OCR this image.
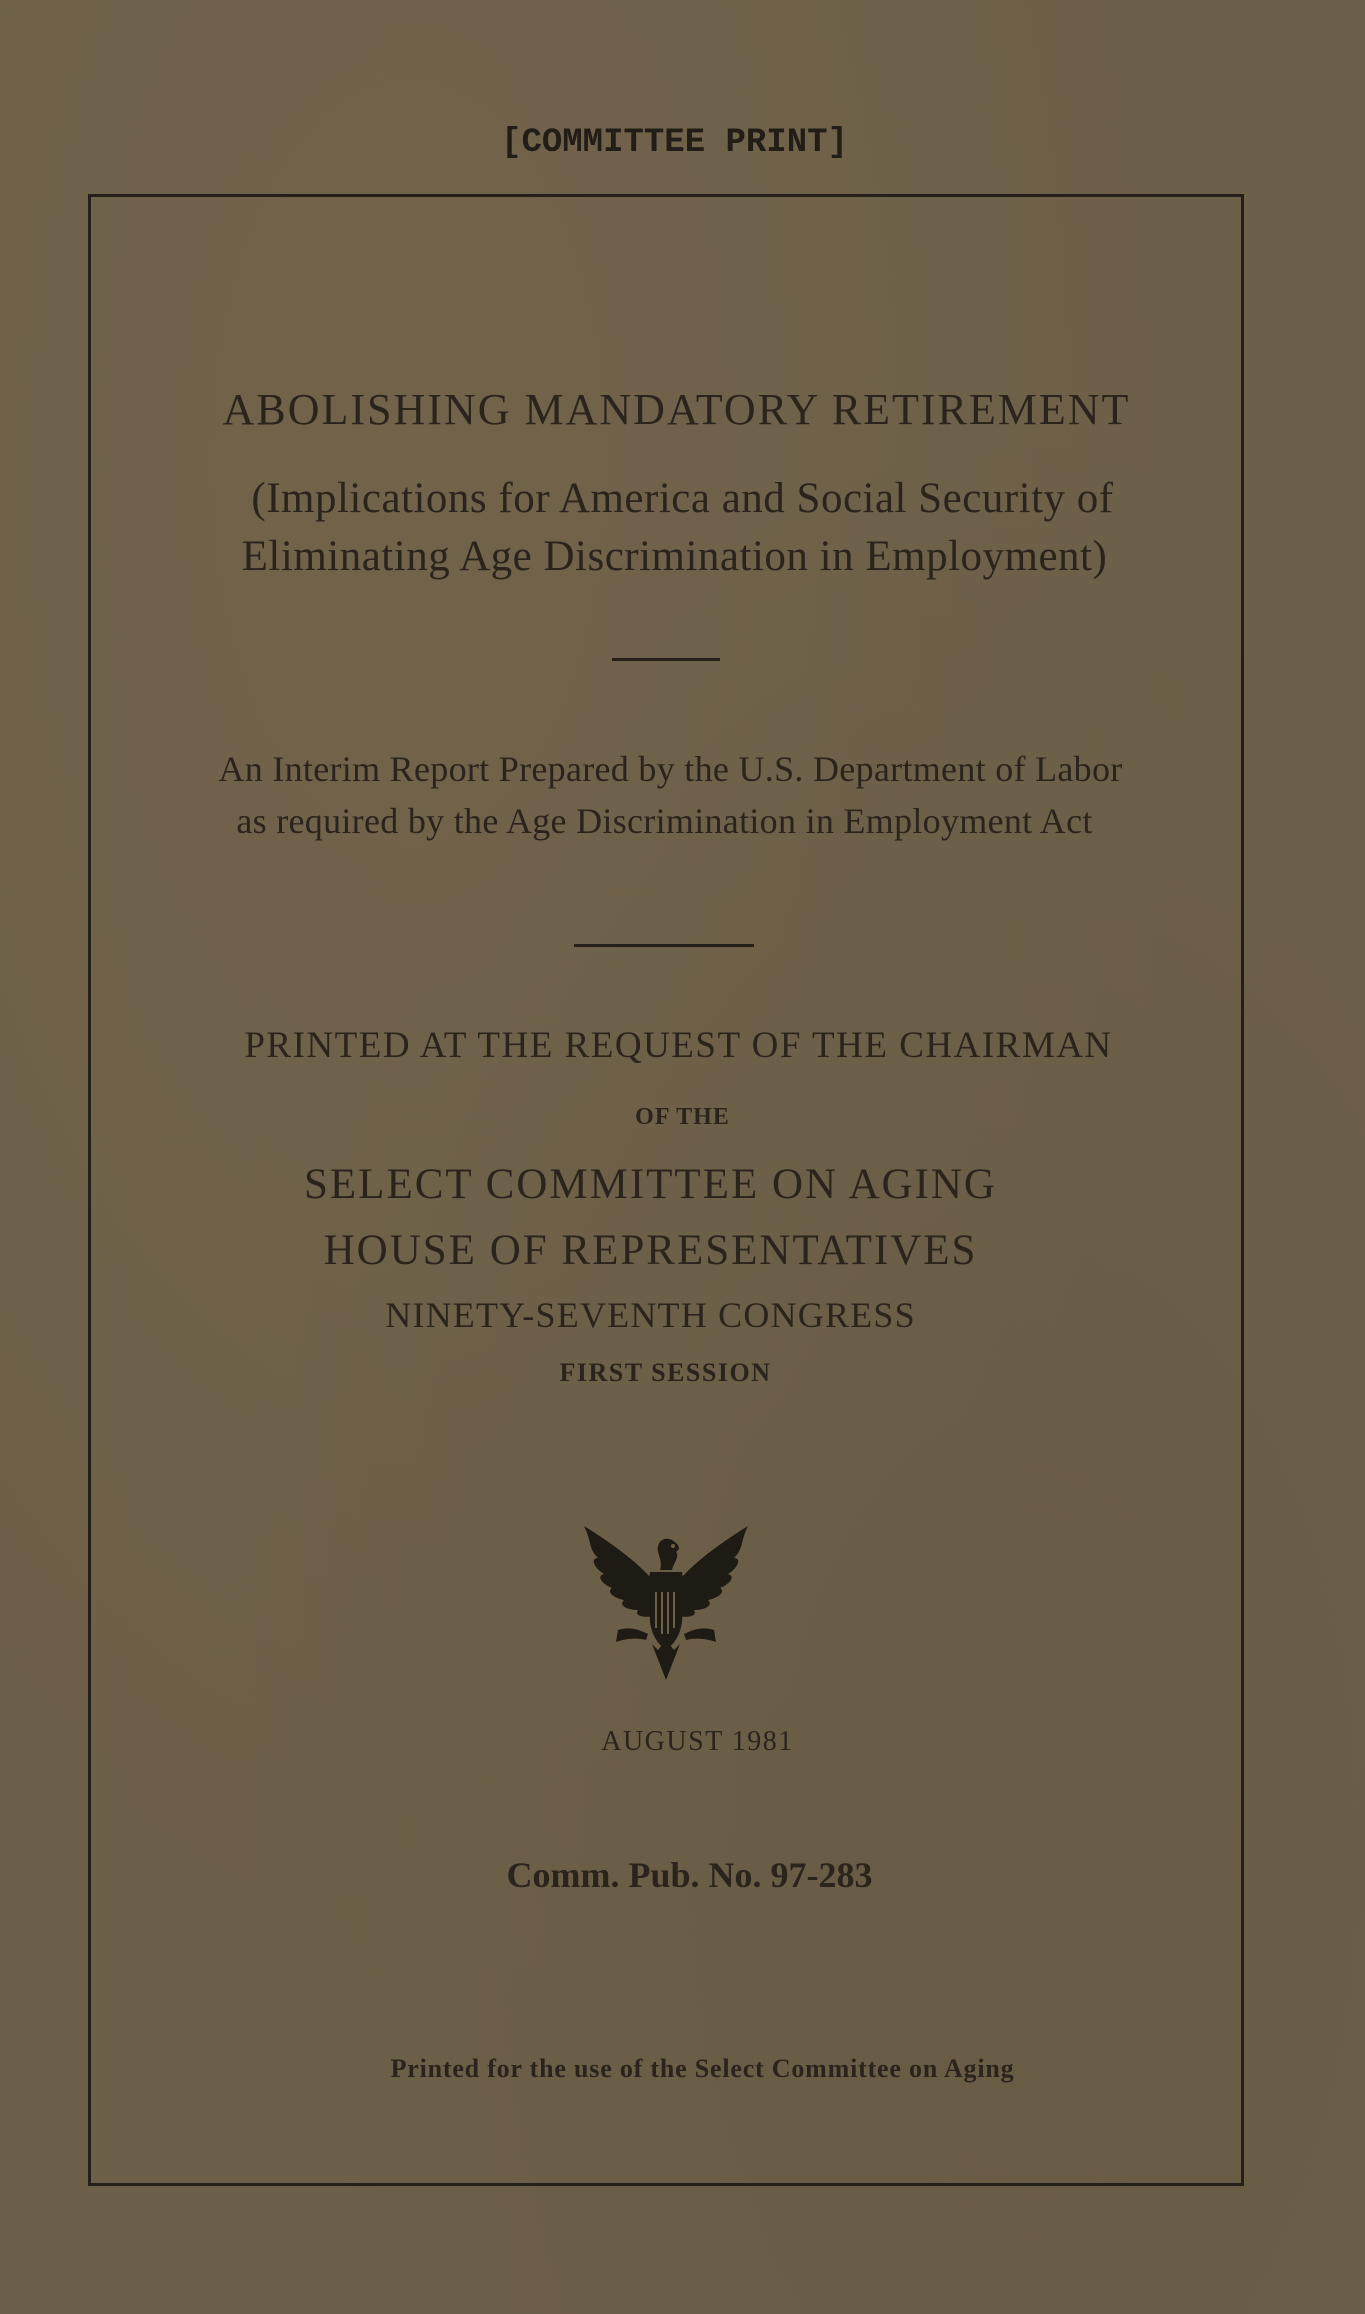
[COMMITTEE PRINT]
ABOLISHING MANDATORY RETIREMENT
(Implications for America and Social Security of
Eliminating Age Discrimination in Employment)
An Interim Report Prepared by the U.S. Department of Labor
as required by the Age Discrimination in Employment Act
PRINTED AT THE REQUEST OF THE CHAIRMAN
OF THE
SELECT COMMITTEE ON AGING
HOUSE OF REPRESENTATIVES
NINETY-SEVENTH CONGRESS
FIRST SESSION
AUGUST 1981
Comm. Pub. No. 97-283
Printed for the use of the Select Committee on Aging
